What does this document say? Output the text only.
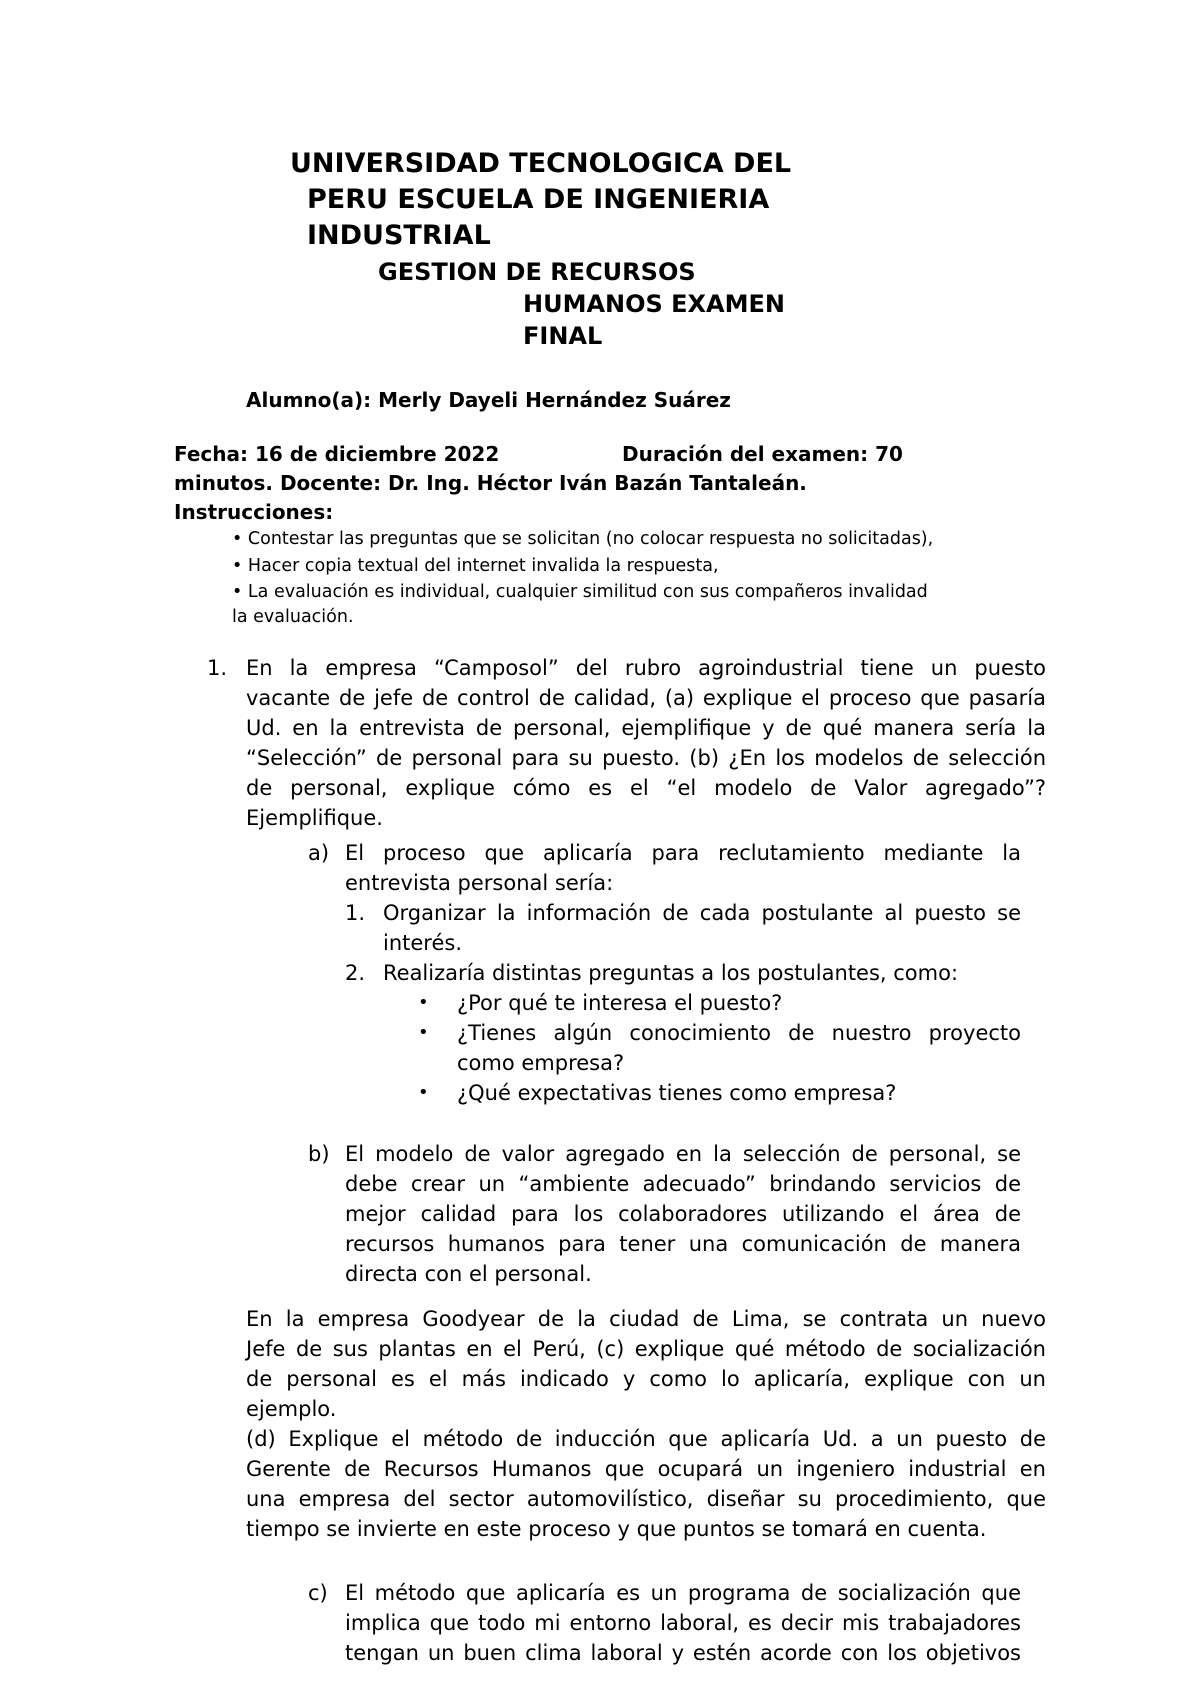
UNIVERSIDAD TECNOLOGICA DEL
PERU ESCUELA DE INGENIERIA
INDUSTRIAL
GESTION DE RECURSOS
HUMANOS EXAMEN
FINAL
Alumno(a): Merly Dayeli Hernández Suárez
Fecha: 16 de diciembre 2022	Duración del examen: 70
minutos. Docente: Dr. Ing. Héctor Iván Bazán Tantaleán.
Instrucciones:
• Contestar las preguntas que se solicitan (no colocar respuesta no solicitadas),
• Hacer copia textual del internet invalida la respuesta,
• La evaluación es individual, cualquier similitud con sus compañeros invalidad
la evaluación.
1. En la empresa “Camposol” del rubro agroindustrial tiene un puesto
vacante de jefe de control de calidad, (a) explique el proceso que pasaría
Ud. en la entrevista de personal, ejemplifique y de qué manera sería la
“Selección” de personal para su puesto. (b) ¿En los modelos de selección
de personal, explique cómo es el “el modelo de Valor agregado”?
Ejemplifique.
a) El proceso que aplicaría para reclutamiento mediante la
entrevista personal sería:
1. Organizar la información de cada postulante al puesto se
interés.
2. Realizaría distintas preguntas a los postulantes, como:
• ¿Por qué te interesa el puesto?
• ¿Tienes algún conocimiento de nuestro proyecto
como empresa?
• ¿Qué expectativas tienes como empresa?
b) El modelo de valor agregado en la selección de personal, se
debe crear un “ambiente adecuado” brindando servicios de
mejor calidad para los colaboradores utilizando el área de
recursos humanos para tener una comunicación de manera
directa con el personal.
En la empresa Goodyear de la ciudad de Lima, se contrata un nuevo
Jefe de sus plantas en el Perú, (c) explique qué método de socialización
de personal es el más indicado y como lo aplicaría, explique con un
ejemplo.
(d) Explique el método de inducción que aplicaría Ud. a un puesto de
Gerente de Recursos Humanos que ocupará un ingeniero industrial en
una empresa del sector automovilístico, diseñar su procedimiento, que
tiempo se invierte en este proceso y que puntos se tomará en cuenta.
c) El método que aplicaría es un programa de socialización que
implica que todo mi entorno laboral, es decir mis trabajadores
tengan un buen clima laboral y estén acorde con los objetivos
